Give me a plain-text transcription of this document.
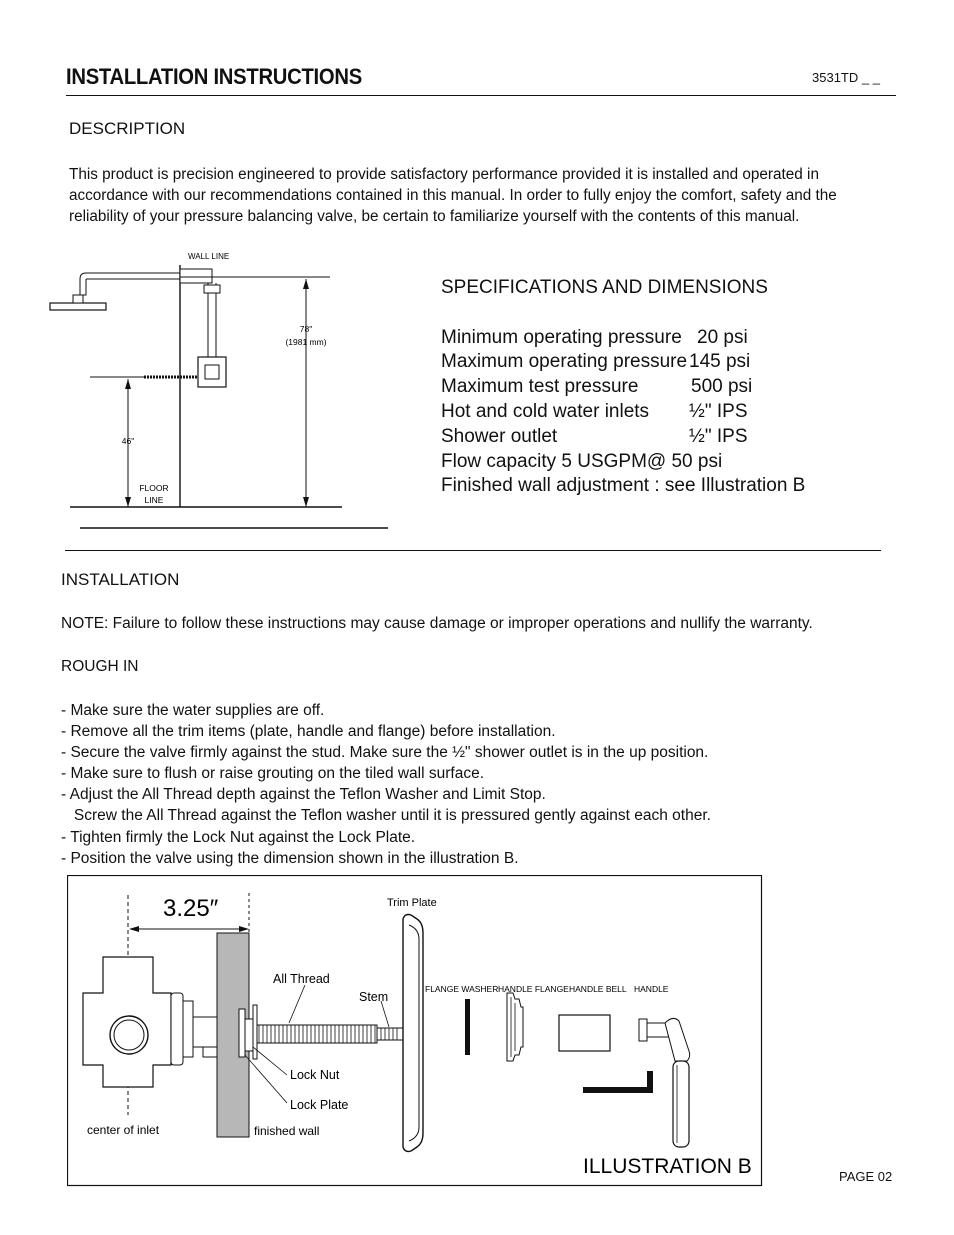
INSTALLATION INSTRUCTIONS	3531TD _ _
DESCRIPTION
This product is precision engineered to provide satisfactory performance provided it is installed and operated in
accordance with our recommendations contained in this manual. In order to fully enjoy the comfort, safety and the
reliability of your pressure balancing valve, be certain to familiarize yourself with the contents of this manual.
WALL LINE
78"
(1981 mm)
46"
FLOOR
LINE
SPECIFICATIONS AND DIMENSIONS
Minimum operating pressure 20 psi
Maximum operating pressure 145 psi
Maximum test pressure	500 psi
Hot and cold water inlets ½" IPS
Shower outlet	½" IPS
Flow capacity 5 USGPM@ 50 psi
Finished wall adjustment : see Illustration B
INSTALLATION
NOTE: Failure to follow these instructions may cause damage or improper operations and nullify the warranty.
ROUGH IN
- Make sure the water supplies are off.
- Remove all the trim items (plate, handle and flange) before installation.
- Secure the valve firmly against the stud. Make sure the ½" shower outlet is in the up position.
- Make sure to flush or raise grouting on the tiled wall surface.
- Adjust the All Thread depth against the Teflon Washer and Limit Stop.
Screw the All Thread against the Teflon washer until it is pressured gently against each other.
- Tighten firmly the Lock Nut against the Lock Plate.
- Position the valve using the dimension shown in the illustration B.
3.25″	Trim Plate
All Thread
Stem
FLANGE WASHER HANDLE FLANGE HANDLE BELL HANDLE
Lock Nut
Lock Plate
center of inlet	finished wall
ILLUSTRATION B	PAGE 02
